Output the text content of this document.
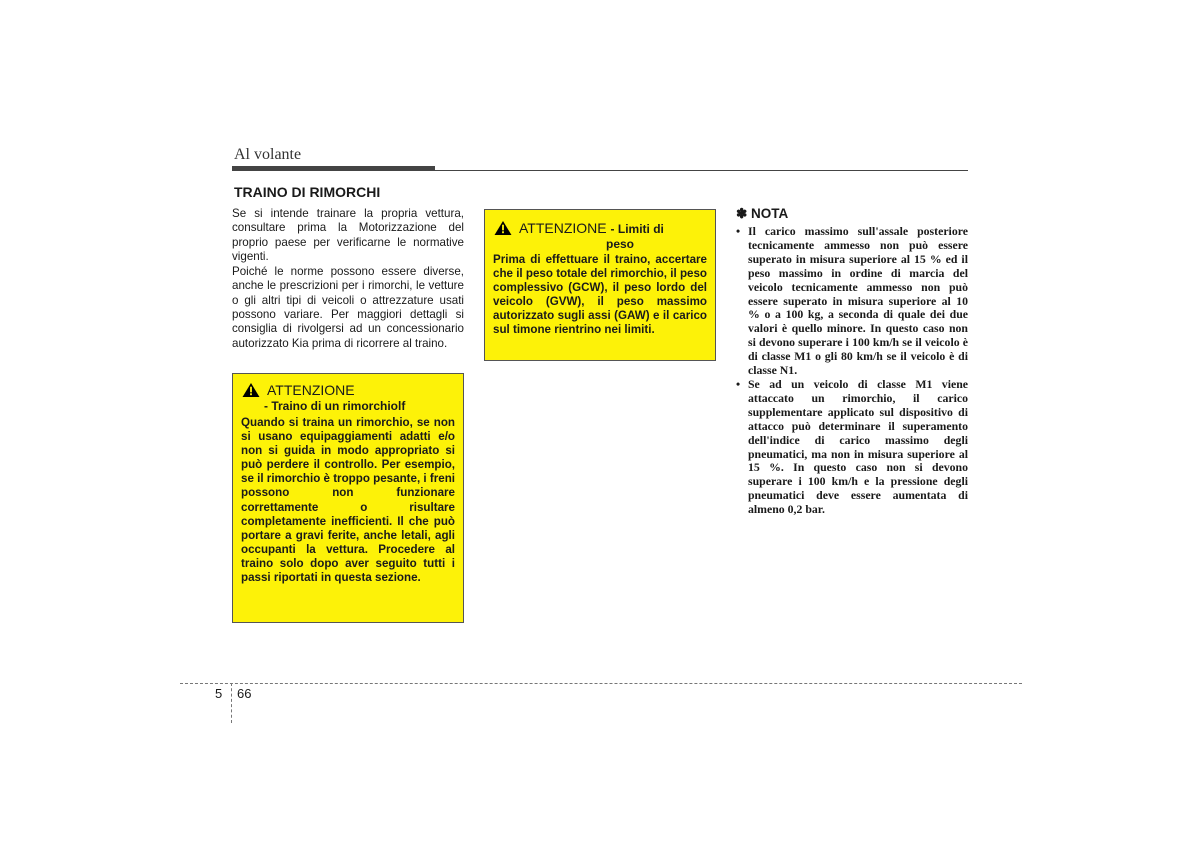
Al volante
TRAINO DI RIMORCHI

Se si intende trainare la propria vettura, consultare prima la Motorizzazione del proprio paese per verificarne le normative vigenti.

Poiché le norme possono essere diverse, anche le prescrizioni per i rimorchi, le vetture o gli altri tipi di veicoli o attrezzature usati possono variare. Per maggiori dettagli si consiglia di rivolgersi ad un concessionario autorizzato Kia prima di ricorrere al traino.

ATTENZIONE
- Traino di un rimorchiolf
Quando si traina un rimorchio, se non si usano equipaggiamenti adatti e/o non si guida in modo appropriato si può perdere il controllo. Per esempio, se il rimorchio è troppo pesante, i freni possono non funzionare correttamente o risultare completamente inefficienti. Il che può portare a gravi ferite, anche letali, agli occupanti la vettura. Procedere al traino solo dopo aver seguito tutti i passi riportati in questa sezione.
ATTENZIONE - Limiti di
peso
Prima di effettuare il traino, accertare che il peso totale del rimorchio, il peso complessivo (GCW), il peso lordo del veicolo (GVW), il peso massimo autorizzato sugli assi (GAW) e il carico sul timone rientrino nei limiti.
✽ NOTA
• Il carico massimo sull'assale posteriore tecnicamente ammesso non può essere superato in misura superiore al 15 % ed il peso massimo in ordine di marcia del veicolo tecnicamente ammesso non può essere superato in misura superiore al 10 % o a 100 kg, a seconda di quale dei due valori è quello minore. In questo caso non si devono superare i 100 km/h se il veicolo è di classe M1 o gli 80 km/h se il veicolo è di classe N1.
• Se ad un veicolo di classe M1 viene attaccato un rimorchio, il carico supplementare applicato sul dispositivo di attacco può determinare il superamento dell'indice di carico massimo degli pneumatici, ma non in misura superiore al 15 %. In questo caso non si devono superare i 100 km/h e la pressione degli pneumatici deve essere aumentata di almeno 0,2 bar.
5 66
